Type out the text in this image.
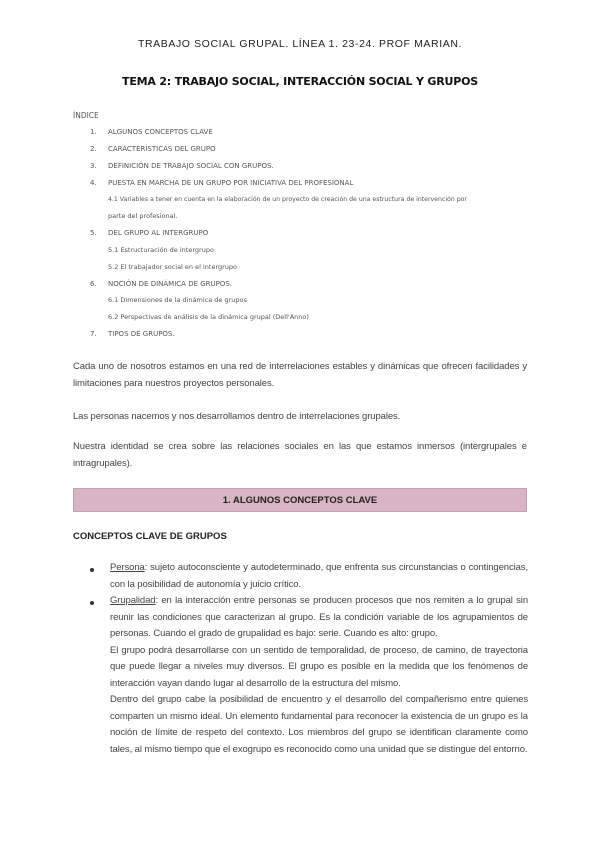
TRABAJO SOCIAL GRUPAL. LÍNEA 1. 23-24. PROF MARIAN.
TEMA 2: TRABAJO SOCIAL, INTERACCIÓN SOCIAL Y GRUPOS
ÍNDICE
1. ALGUNOS CONCEPTOS CLAVE
2. CARACTERÍSTICAS DEL GRUPO
3. DEFINICIÓN DE TRABAJO SOCIAL CON GRUPOS.
4. PUESTA EN MARCHA DE UN GRUPO POR INICIATIVA DEL PROFESIONAL
4.1 Variables a tener en cuenta en la elaboración de un proyecto de creación de una estructura de intervención por
parte del profesional.
5. DEL GRUPO AL INTERGRUPO
5.1 Estructuración de intergrupo
5.2 El trabajador social en el intergrupo
6. NOCIÓN DE DINÁMICA DE GRUPOS.
6.1 Dimensiones de la dinámica de grupos
6.2 Perspectivas de análisis de la dinámica grupal (Dell'Anno)
7. TIPOS DE GRUPOS.
Cada uno de nosotros estamos en una red de interrelaciones estables y dinámicas que ofrecen facilidades y limitaciones para nuestros proyectos personales.
Las personas nacemos y nos desarrollamos dentro de interrelaciones grupales.
Nuestra identidad se crea sobre las relaciones sociales en las que estamos inmersos (intergrupales e intragrupales).
1. ALGUNOS CONCEPTOS CLAVE
CONCEPTOS CLAVE DE GRUPOS
Persona: sujeto autoconsciente y autodeterminado, que enfrenta sus circunstancias o contingencias, con la posibilidad de autonomía y juicio crítico.
Grupalidad: en la interacción entre personas se producen procesos que nos remiten a lo grupal sin reunir las condiciones que caracterizan al grupo. Es la condición variable de los agrupamientos de personas. Cuando el grado de grupalidad es bajo: serie. Cuando es alto: grupo.
El grupo podrá desarrollarse con un sentido de temporalidad, de proceso, de camino, de trayectoria que puede llegar a niveles muy diversos. El grupo es posible en la medida que los fenómenos de interacción vayan dando lugar al desarrollo de la estructura del mismo.
Dentro del grupo cabe la posibilidad de encuentro y el desarrollo del compañerismo entre quienes comparten un mismo ideal. Un elemento fundamental para reconocer la existencia de un grupo es la noción de límite de respeto del contexto. Los miembros del grupo se identifican claramente como tales, al mismo tiempo que el exogrupo es reconocido como una unidad que se distingue del entorno.
